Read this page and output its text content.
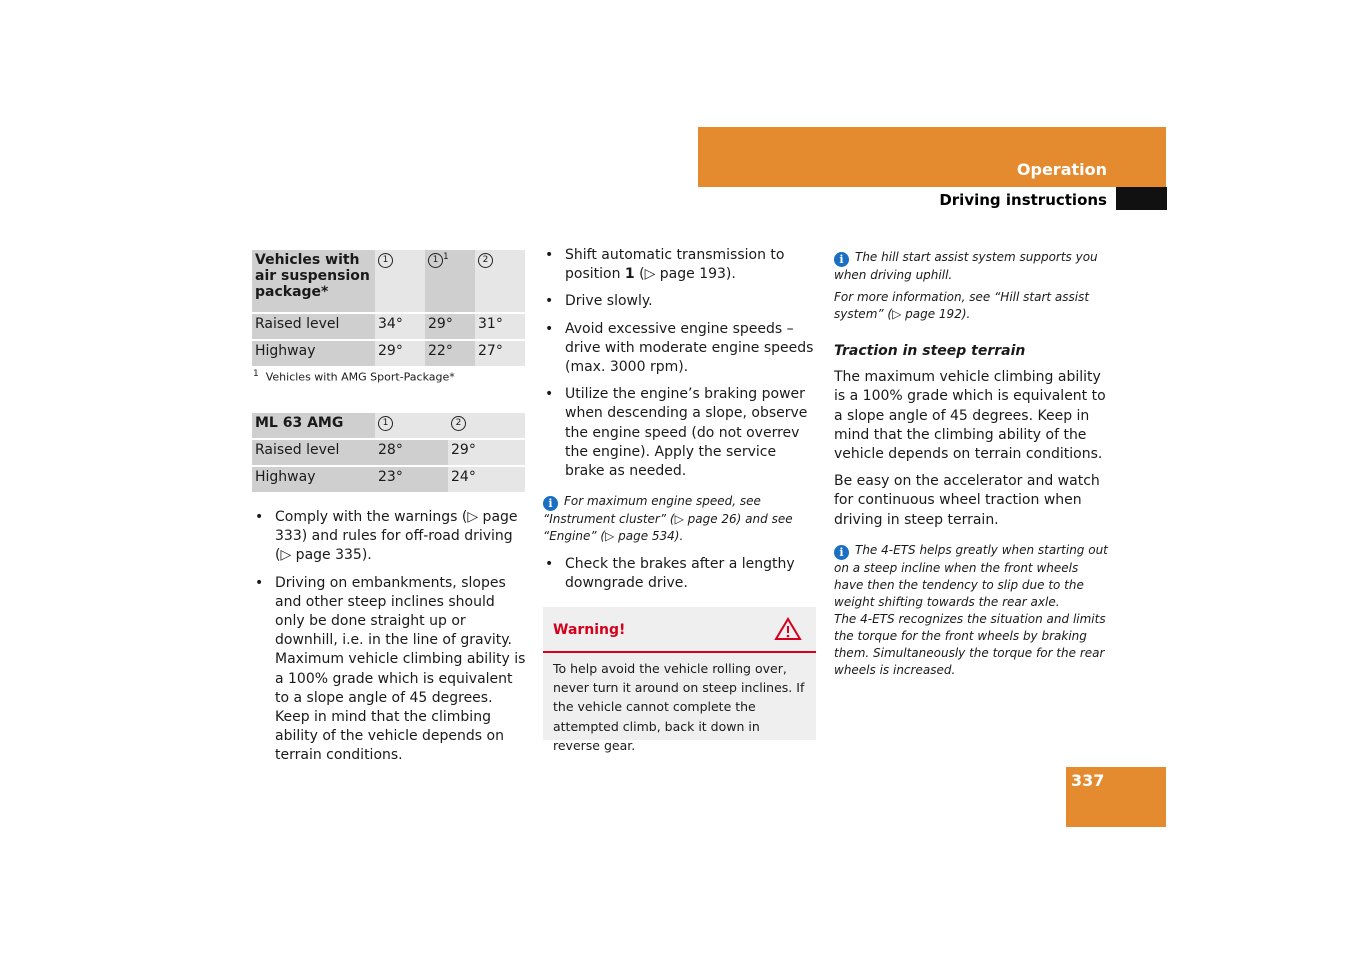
Operation
Driving instructions
Vehicles with air suspension package*	1	1 $^1$	2
Raised level	34°	29°	31°
Highway	29°	22°	27°
$^1$ Vehicles with AMG Sport-Package*
ML 63 AMG	1	2
Raised level	28°	29°
Highway	23°	24°
• Comply with the warnings (▷ page 333) and rules for off-road driving (▷ page 335).
• Driving on embankments, slopes and other steep inclines should only be done straight up or downhill, i.e. in the line of gravity. Maximum vehicle climbing ability is a 100% grade which is equivalent to a slope angle of 45 degrees. Keep in mind that the climbing ability of the vehicle depends on terrain conditions.
• Shift automatic transmission to position 1 (▷ page 193).
• Drive slowly.
• Avoid excessive engine speeds – drive with moderate engine speeds (max. 3000 rpm).
• Utilize the engine’s braking power when descending a slope, observe the engine speed (do not overrev the engine). Apply the service brake as needed.

i For maximum engine speed, see “Instrument cluster” (▷ page 26) and see “Engine” (▷ page 534).

• Check the brakes after a lengthy downgrade drive.
Warning!
To help avoid the vehicle rolling over, never turn it around on steep inclines. If the vehicle cannot complete the attempted climb, back it down in reverse gear.

i The hill start assist system supports you when driving uphill.

For more information, see “Hill start assist system” (▷ page 192).

Traction in steep terrain

The maximum vehicle climbing ability is a 100% grade which is equivalent to a slope angle of 45 degrees. Keep in mind that the climbing ability of the vehicle depends on terrain conditions.

Be easy on the accelerator and watch for continuous wheel traction when driving in steep terrain.

i The 4-ETS helps greatly when starting out on a steep incline when the front wheels have then the tendency to slip due to the weight shifting towards the rear axle.

The 4-ETS recognizes the situation and limits the torque for the front wheels by braking them. Simultaneously the torque for the rear wheels is increased.

337
